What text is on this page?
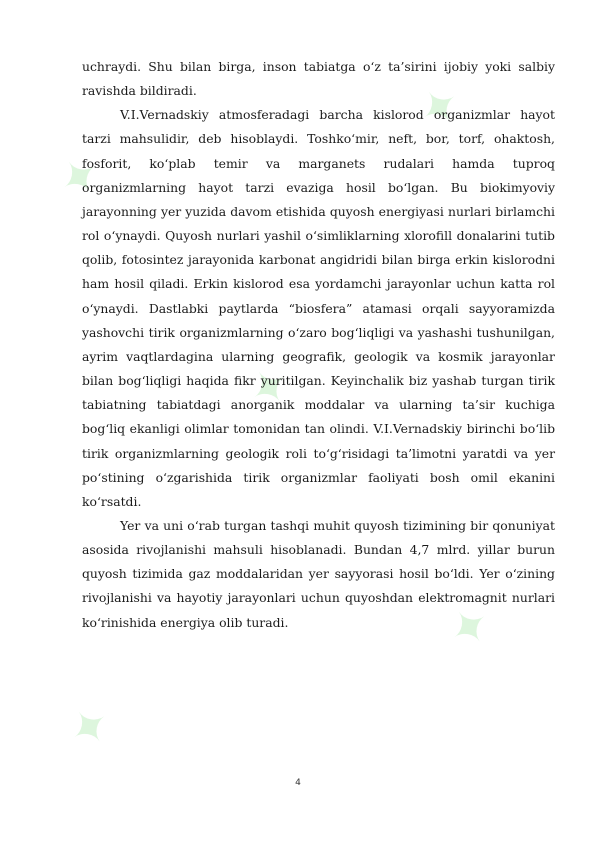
✦
✦
✦
✦
✦

uchraydi. Shu bilan birga, inson tabiatga o‘z ta’sirini ijobiy yoki salbiy ravishda bildiradi.

V.I.Vernadskiy atmosferadagi barcha kislorod organizmlar hayot tarzi mahsulidir, deb hisoblaydi. Toshko‘mir, neft, bor, torf, ohaktosh, fosforit, ko‘plab temir va marganets rudalari hamda tuproq organizmlarning hayot tarzi evaziga hosil bo‘lgan. Bu biokimyoviy jarayonning yer yuzida davom etishida quyosh energiyasi nurlari birlamchi rol o‘ynaydi. Quyosh nurlari yashil o‘simliklarning xlorofill donalarini tutib qolib, fotosintez jarayonida karbonat angidridi bilan birga erkin kislorodni ham hosil qiladi. Erkin kislorod esa yordamchi jarayonlar uchun katta rol o‘ynaydi. Dastlabki paytlarda “biosfera” atamasi orqali sayyoramizda yashovchi tirik organizmlarning o‘zaro bog‘liqligi va yashashi tushunilgan, ayrim vaqtlardagina ularning geografik, geologik va kosmik jarayonlar bilan bog‘liqligi haqida fikr yuritilgan. Keyinchalik biz yashab turgan tirik tabiatning tabiatdagi anorganik moddalar va ularning ta’sir kuchiga bog‘liq ekanligi olimlar tomonidan tan olindi. V.I.Vernadskiy birinchi bo‘lib tirik organizmlarning geologik roli to‘g‘risidagi ta’limotni yaratdi va yer po‘stining o‘zgarishida tirik organizmlar faoliyati bosh omil ekanini ko‘rsatdi.

Yer va uni o‘rab turgan tashqi muhit quyosh tizimining bir qonuniyat asosida rivojlanishi mahsuli hisoblanadi. Bundan 4,7 mlrd. yillar burun quyosh tizimida gaz moddalaridan yer sayyorasi hosil bo‘ldi. Yer o‘zining rivojlanishi va hayotiy jarayonlari uchun quyoshdan elektromagnit nurlari ko‘rinishida energiya olib turadi.

4
